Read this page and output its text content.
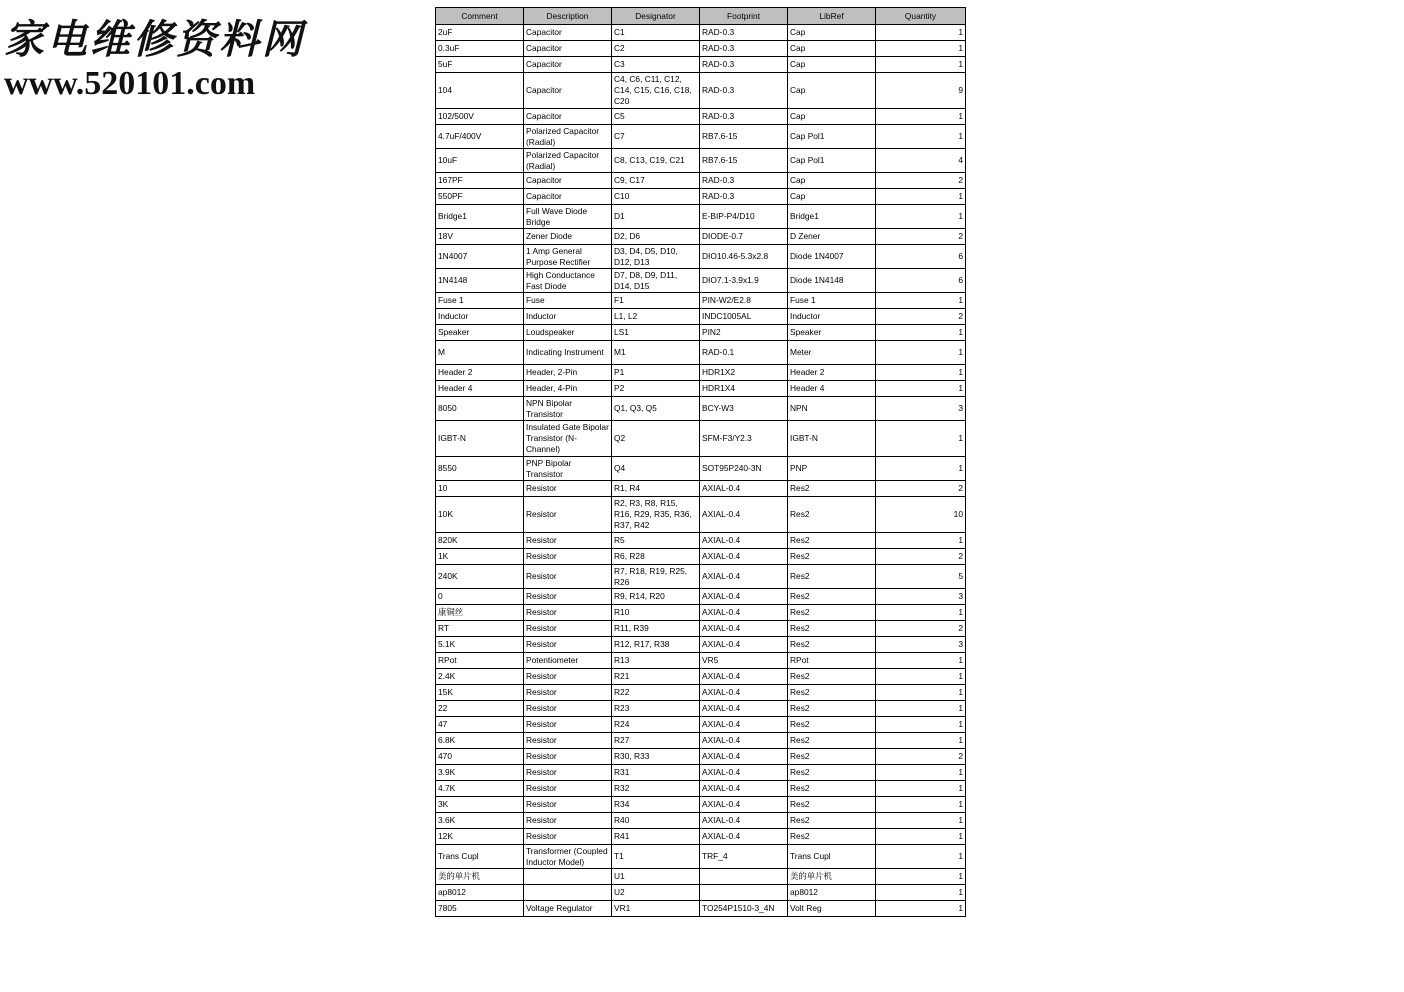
家电维修资料网
www.520101.com
Comment	Description	Designator	Footprint	LibRef	Quantity
2uF	Capacitor	C1	RAD-0.3	Cap	1
0.3uF	Capacitor	C2	RAD-0.3	Cap	1
5uF	Capacitor	C3	RAD-0.3	Cap	1
104	Capacitor	C4, C6, C11, C12, C14, C15, C16, C18, C20	RAD-0.3	Cap	9
102/500V	Capacitor	C5	RAD-0.3	Cap	1
4.7uF/400V	Polarized Capacitor (Radial)	C7	RB7.6-15	Cap Pol1	1
10uF	Polarized Capacitor (Radial)	C8, C13, C19, C21	RB7.6-15	Cap Pol1	4
167PF	Capacitor	C9, C17	RAD-0.3	Cap	2
550PF	Capacitor	C10	RAD-0.3	Cap	1
Bridge1	Full Wave Diode Bridge	D1	E-BIP-P4/D10	Bridge1	1
18V	Zener Diode	D2, D6	DIODE-0.7	D Zener	2
1N4007	1 Amp General Purpose Rectifier	D3, D4, D5, D10, D12, D13	DIO10.46-5.3x2.8	Diode 1N4007	6
1N4148	High Conductance Fast Diode	D7, D8, D9, D11, D14, D15	DIO7.1-3.9x1.9	Diode 1N4148	6
Fuse 1	Fuse	F1	PIN-W2/E2.8	Fuse 1	1
Inductor	Inductor	L1, L2	INDC1005AL	Inductor	2
Speaker	Loudspeaker	LS1	PIN2	Speaker	1
M	Indicating Instrument	M1	RAD-0.1	Meter	1
Header 2	Header, 2-Pin	P1	HDR1X2	Header 2	1
Header 4	Header, 4-Pin	P2	HDR1X4	Header 4	1
8050	NPN Bipolar Transistor	Q1, Q3, Q5	BCY-W3	NPN	3
IGBT-N	Insulated Gate Bipolar Transistor (N-Channel)	Q2	SFM-F3/Y2.3	IGBT-N	1
8550	PNP Bipolar Transistor	Q4	SOT95P240-3N	PNP	1
10	Resistor	R1, R4	AXIAL-0.4	Res2	2
10K	Resistor	R2, R3, R8, R15, R16, R29, R35, R36, R37, R42	AXIAL-0.4	Res2	10
820K	Resistor	R5	AXIAL-0.4	Res2	1
1K	Resistor	R6, R28	AXIAL-0.4	Res2	2
240K	Resistor	R7, R18, R19, R25, R26	AXIAL-0.4	Res2	5
0	Resistor	R9, R14, R20	AXIAL-0.4	Res2	3
康铜丝	Resistor	R10	AXIAL-0.4	Res2	1
RT	Resistor	R11, R39	AXIAL-0.4	Res2	2
5.1K	Resistor	R12, R17, R38	AXIAL-0.4	Res2	3
RPot	Potentiometer	R13	VR5	RPot	1
2.4K	Resistor	R21	AXIAL-0.4	Res2	1
15K	Resistor	R22	AXIAL-0.4	Res2	1
22	Resistor	R23	AXIAL-0.4	Res2	1
47	Resistor	R24	AXIAL-0.4	Res2	1
6.8K	Resistor	R27	AXIAL-0.4	Res2	1
470	Resistor	R30, R33	AXIAL-0.4	Res2	2
3.9K	Resistor	R31	AXIAL-0.4	Res2	1
4.7K	Resistor	R32	AXIAL-0.4	Res2	1
3K	Resistor	R34	AXIAL-0.4	Res2	1
3.6K	Resistor	R40	AXIAL-0.4	Res2	1
12K	Resistor	R41	AXIAL-0.4	Res2	1
Trans Cupl	Transformer (Coupled Inductor Model)	T1	TRF_4	Trans Cupl	1
美的单片机		U1		美的单片机	1
ap8012		U2		ap8012	1
7805	Voltage Regulator	VR1	TO254P1510-3_4N	Volt Reg	1
